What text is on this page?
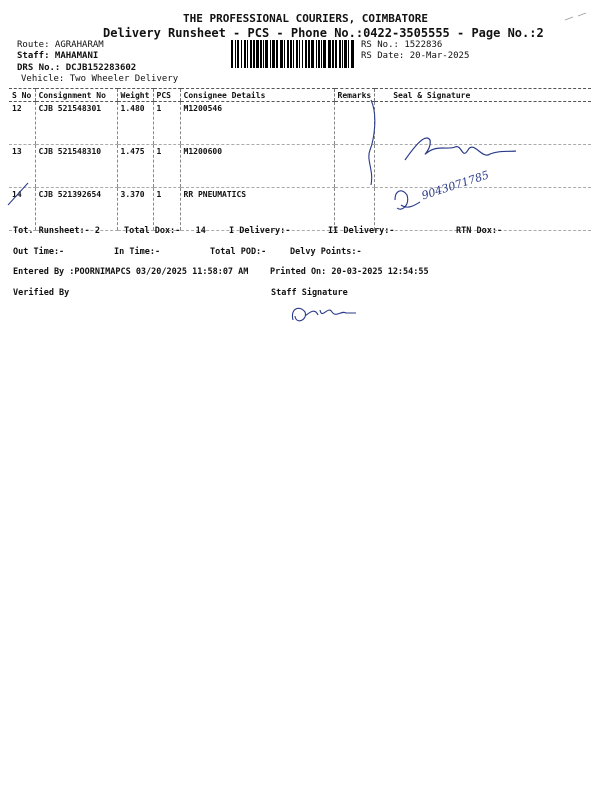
THE PROFESSIONAL COURIERS, COIMBATORE
Delivery Runsheet - PCS - Phone No.:0422-3505555 - Page No.:2
Route: AGRAHARAM
Staff: MAHAMANI
DRS No.: DCJB152283602
Vehicle: Two Wheeler Delivery
RS No.: 1522836
RS Date: 20-Mar-2025
S No	Consignment No	Weight	PCS	Consignee Details	Remarks	Seal & Signature
12	CJB 521548301	1.480	1	M1200546		
13	CJB 521548310	1.475	1	M1200600		
14	CJB 521392654	3.370	1	RR PNEUMATICS			9043071785
Tot. Runsheet:- 2	Total Dox:-   14	I Delivery:-	II Delivery:-	RTN Dox:-
Out Time:-	In Time:-	Total POD:-	Delvy Points:-
Entered By :POORNIMAPCS 03/20/2025 11:58:07 AM	Printed On: 20-03-2025 12:54:55
Verified By	Staff Signature
